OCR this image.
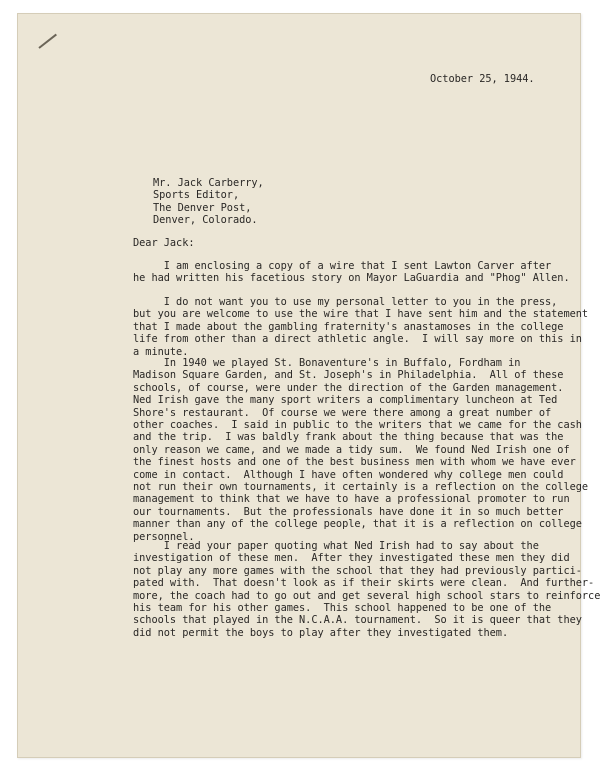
October 25, 1944.
Mr. Jack Carberry,
Sports Editor,
The Denver Post,
Denver, Colorado.
Dear Jack:
I am enclosing a copy of a wire that I sent Lawton Carver after
he had written his facetious story on Mayor LaGuardia and "Phog" Allen.
I do not want you to use my personal letter to you in the press,
but you are welcome to use the wire that I have sent him and the statement
that I made about the gambling fraternity's anastamoses in the college
life from other than a direct athletic angle.  I will say more on this in
a minute.
In 1940 we played St. Bonaventure's in Buffalo, Fordham in
Madison Square Garden, and St. Joseph's in Philadelphia.  All of these
schools, of course, were under the direction of the Garden management.
Ned Irish gave the many sport writers a complimentary luncheon at Ted
Shore's restaurant.  Of course we were there among a great number of
other coaches.  I said in public to the writers that we came for the cash
and the trip.  I was baldly frank about the thing because that was the
only reason we came, and we made a tidy sum.  We found Ned Irish one of
the finest hosts and one of the best business men with whom we have ever
come in contact.  Although I have often wondered why college men could
not run their own tournaments, it certainly is a reflection on the college
management to think that we have to have a professional promoter to run
our tournaments.  But the professionals have done it in so much better
manner than any of the college people, that it is a reflection on college
personnel.
I read your paper quoting what Ned Irish had to say about the
investigation of these men.  After they investigated these men they did
not play any more games with the school that they had previously partici-
pated with.  That doesn't look as if their skirts were clean.  And further-
more, the coach had to go out and get several high school stars to reinforce
his team for his other games.  This school happened to be one of the
schools that played in the N.C.A.A. tournament.  So it is queer that they
did not permit the boys to play after they investigated them.
